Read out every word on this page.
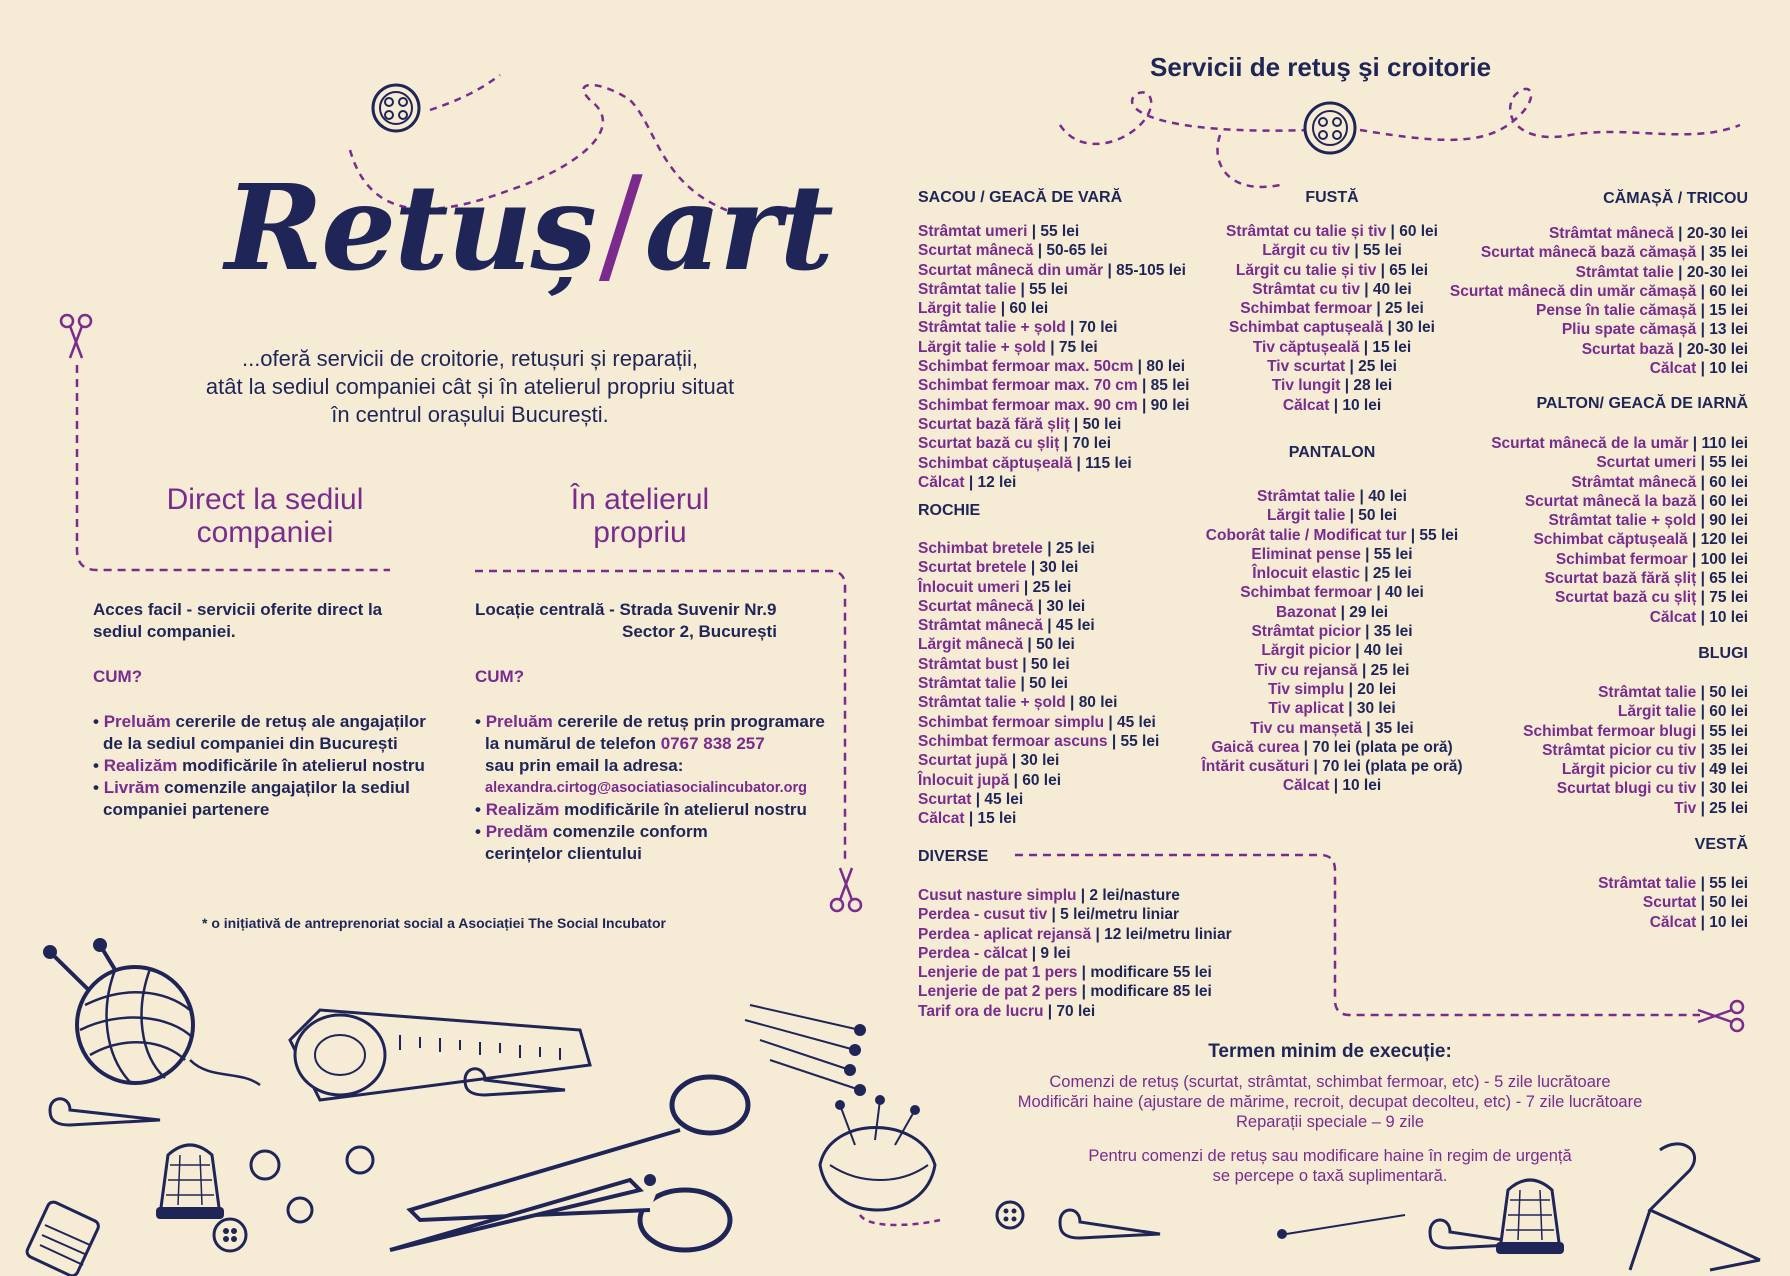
Retuș/art
...oferă servicii de croitorie, retușuri și reparații,
atât la sediul companiei cât și în atelierul propriu situat
în centrul orașului București.
Direct la sediul
companiei
În atelierul
propriu
Acces facil - servicii oferite direct la
sediul companiei.
CUM?
• Preluăm cererile de retuș ale angajaților
de la sediul companiei din București
• Realizăm modificările în atelierul nostru
• Livrăm comenzile angajaților la sediul
companiei partenere
Locație centrală - Strada Suvenir Nr.9
Sector 2, București
CUM?
• Preluăm cererile de retuș prin programare
la numărul de telefon 0767 838 257
sau prin email la adresa:
alexandra.cirtog@asociatiasocialincubator.org
• Realizăm modificările în atelierul nostru
• Predăm comenzile conform
cerințelor clientului
* o inițiativă de antreprenoriat social a Asociației The Social Incubator
Servicii de retuş şi croitorie
SACOU / GEACĂ DE VARĂ
Strâmtat umeri | 55 lei
Scurtat mânecă | 50-65 lei
Scurtat mânecă din umăr | 85-105 lei
Strâmtat talie | 55 lei
Lărgit talie | 60 lei
Strâmtat talie + șold | 70 lei
Lărgit talie + șold | 75 lei
Schimbat fermoar max. 50cm | 80 lei
Schimbat fermoar max. 70 cm | 85 lei
Schimbat fermoar max. 90 cm | 90 lei
Scurtat bază fără șliț | 50 lei
Scurtat bază cu șliț | 70 lei
Schimbat căptușeală | 115 lei
Călcat | 12 lei
ROCHIE
Schimbat bretele | 25 lei
Scurtat bretele | 30 lei
Înlocuit umeri | 25 lei
Scurtat mânecă | 30 lei
Strâmtat mânecă | 45 lei
Lărgit mânecă | 50 lei
Strâmtat bust | 50 lei
Strâmtat talie | 50 lei
Strâmtat talie + șold | 80 lei
Schimbat fermoar simplu | 45 lei
Schimbat fermoar ascuns | 55 lei
Scurtat jupă | 30 lei
Înlocuit jupă | 60 lei
Scurtat | 45 lei
Călcat | 15 lei
DIVERSE
Cusut nasture simplu | 2 lei/nasture
Perdea - cusut tiv | 5 lei/metru liniar
Perdea - aplicat rejansă | 12 lei/metru liniar
Perdea - călcat | 9 lei
Lenjerie de pat 1 pers | modificare 55 lei
Lenjerie de pat 2 pers | modificare 85 lei
Tarif ora de lucru | 70 lei
FUSTĂ
Strâmtat cu talie și tiv | 60 lei
Lărgit cu tiv | 55 lei
Lărgit cu talie și tiv | 65 lei
Strâmtat cu tiv | 40 lei
Schimbat fermoar | 25 lei
Schimbat captușeală | 30 lei
Tiv căptușeală | 15 lei
Tiv scurtat | 25 lei
Tiv lungit | 28 lei
Călcat | 10 lei
PANTALON
Strâmtat talie | 40 lei
Lărgit talie | 50 lei
Coborât talie / Modificat tur | 55 lei
Eliminat pense | 55 lei
Înlocuit elastic | 25 lei
Schimbat fermoar | 40 lei
Bazonat | 29 lei
Strâmtat picior | 35 lei
Lărgit picior | 40 lei
Tiv cu rejansă | 25 lei
Tiv simplu | 20 lei
Tiv aplicat | 30 lei
Tiv cu manșetă | 35 lei
Gaică curea | 70 lei (plata pe oră)
Întărit cusături | 70 lei (plata pe oră)
Călcat | 10 lei
CĂMAȘĂ / TRICOU
Strâmtat mânecă | 20-30 lei
Scurtat mânecă bază cămașă | 35 lei
Strâmtat talie | 20-30 lei
Scurtat mânecă din umăr cămașă | 60 lei
Pense în talie cămașă | 15 lei
Pliu spate cămașă | 13 lei
Scurtat bază | 20-30 lei
Călcat | 10 lei
PALTON/ GEACĂ DE IARNĂ
Scurtat mânecă de la umăr | 110 lei
Scurtat umeri | 55 lei
Strâmtat mânecă | 60 lei
Scurtat mânecă la bază | 60 lei
Strâmtat talie + șold | 90 lei
Schimbat căptușeală | 120 lei
Schimbat fermoar | 100 lei
Scurtat bază fără șliț | 65 lei
Scurtat bază cu șliț | 75 lei
Călcat | 10 lei
BLUGI
Strâmtat talie | 50 lei
Lărgit talie | 60 lei
Schimbat fermoar blugi | 55 lei
Strâmtat picior cu tiv | 35 lei
Lărgit picior cu tiv | 49 lei
Scurtat blugi cu tiv | 30 lei
Tiv | 25 lei
VESTĂ
Strâmtat talie | 55 lei
Scurtat | 50 lei
Călcat | 10 lei
Termen minim de execuție:
Comenzi de retuș (scurtat, strâmtat, schimbat fermoar, etc) - 5 zile lucrătoare
Modificări haine (ajustare de mărime, recroit, decupat decolteu, etc) - 7 zile lucrătoare
Reparații speciale – 9 zile
Pentru comenzi de retuș sau modificare haine în regim de urgență
se percepe o taxă suplimentară.
